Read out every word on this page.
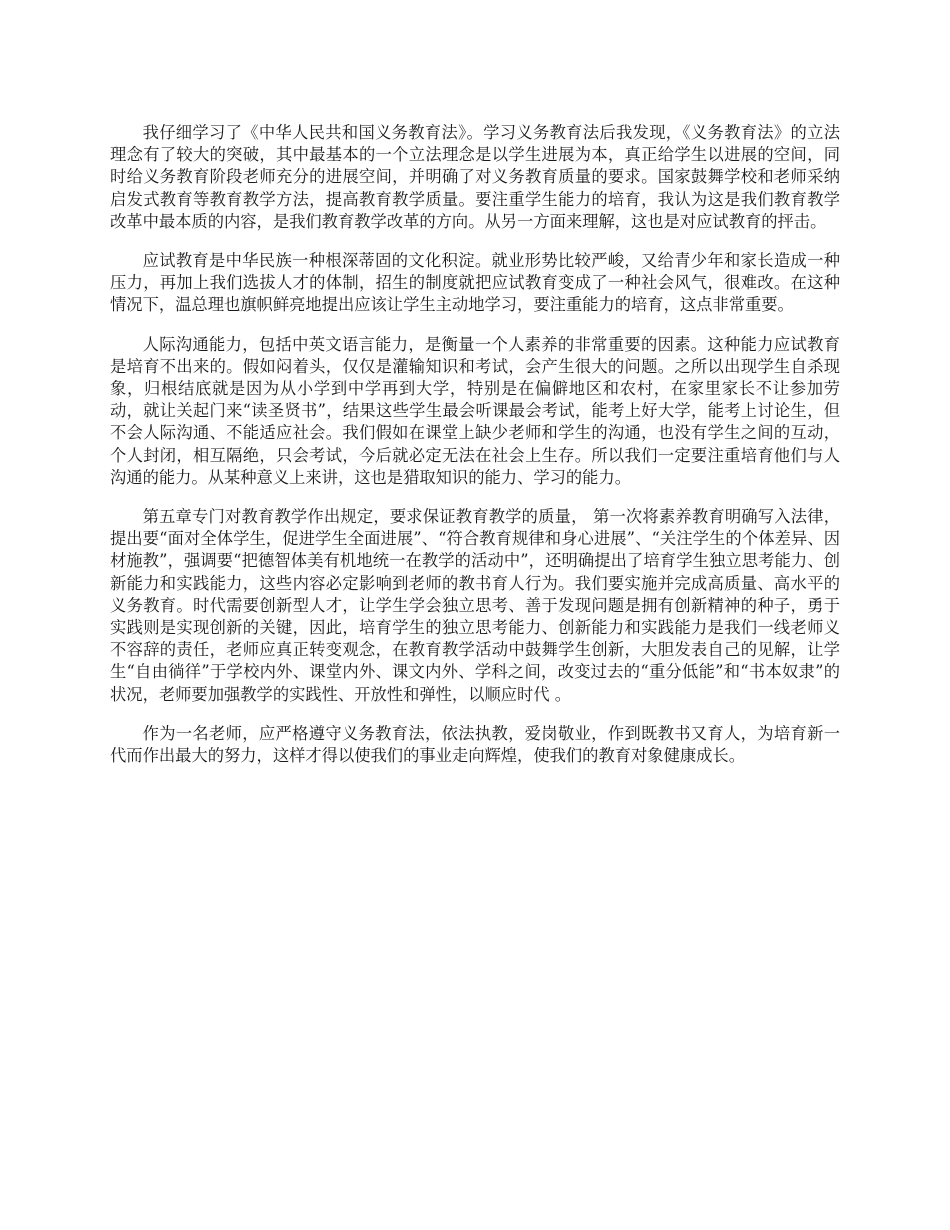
我仔细学习了《中华人民共和国义务教育法》。学习义务教育法后我发现，《义务教育法》的立法理念有了较大的突破，其中最基本的一个立法理念是以学生进展为本，真正给学生以进展的空间，同时给义务教育阶段老师充分的进展空间，并明确了对义务教育质量的要求。国家鼓舞学校和老师采纳启发式教育等教育教学方法，提高教育教学质量。要注重学生能力的培育，我认为这是我们教育教学改革中最本质的内容，是我们教育教学改革的方向。从另一方面来理解，这也是对应试教育的抨击。

应试教育是中华民族一种根深蒂固的文化积淀。就业形势比较严峻，又给青少年和家长造成一种压力，再加上我们选拔人才的体制，招生的制度就把应试教育变成了一种社会风气，很难改。在这种情况下，温总理也旗帜鲜亮地提出应该让学生主动地学习，要注重能力的培育，这点非常重要。

人际沟通能力，包括中英文语言能力，是衡量一个人素养的非常重要的因素。这种能力应试教育是培育不出来的。假如闷着头，仅仅是灌输知识和考试，会产生很大的问题。之所以出现学生自杀现象，归根结底就是因为从小学到中学再到大学，特别是在偏僻地区和农村，在家里家长不让参加劳动，就让关起门来“读圣贤书”，结果这些学生最会听课最会考试，能考上好大学，能考上讨论生，但不会人际沟通、不能适应社会。我们假如在课堂上缺少老师和学生的沟通，也没有学生之间的互动，个人封闭，相互隔绝，只会考试，今后就必定无法在社会上生存。所以我们一定要注重培育他们与人沟通的能力。从某种意义上来讲，这也是猎取知识的能力、学习的能力。

第五章专门对教育教学作出规定，要求保证教育教学的质量， 第一次将素养教育明确写入法律，提出要“面对全体学生，促进学生全面进展”、“符合教育规律和身心进展”、“关注学生的个体差异、因材施教”，强调要“把德智体美有机地统一在教学的活动中”，还明确提出了培育学生独立思考能力、创新能力和实践能力，这些内容必定影响到老师的教书育人行为。我们要实施并完成高质量、高水平的义务教育。时代需要创新型人才，让学生学会独立思考、善于发现问题是拥有创新精神的种子，勇于实践则是实现创新的关键，因此，培育学生的独立思考能力、创新能力和实践能力是我们一线老师义不容辞的责任，老师应真正转变观念，在教育教学活动中鼓舞学生创新，大胆发表自己的见解，让学生“自由徜徉”于学校内外、课堂内外、课文内外、学科之间，改变过去的“重分低能”和“书本奴隶”的状况，老师要加强教学的实践性、开放性和弹性，以顺应时代 。

作为一名老师，应严格遵守义务教育法，依法执教，爱岗敬业，作到既教书又育人，为培育新一代而作出最大的努力，这样才得以使我们的事业走向辉煌，使我们的教育对象健康成长。
